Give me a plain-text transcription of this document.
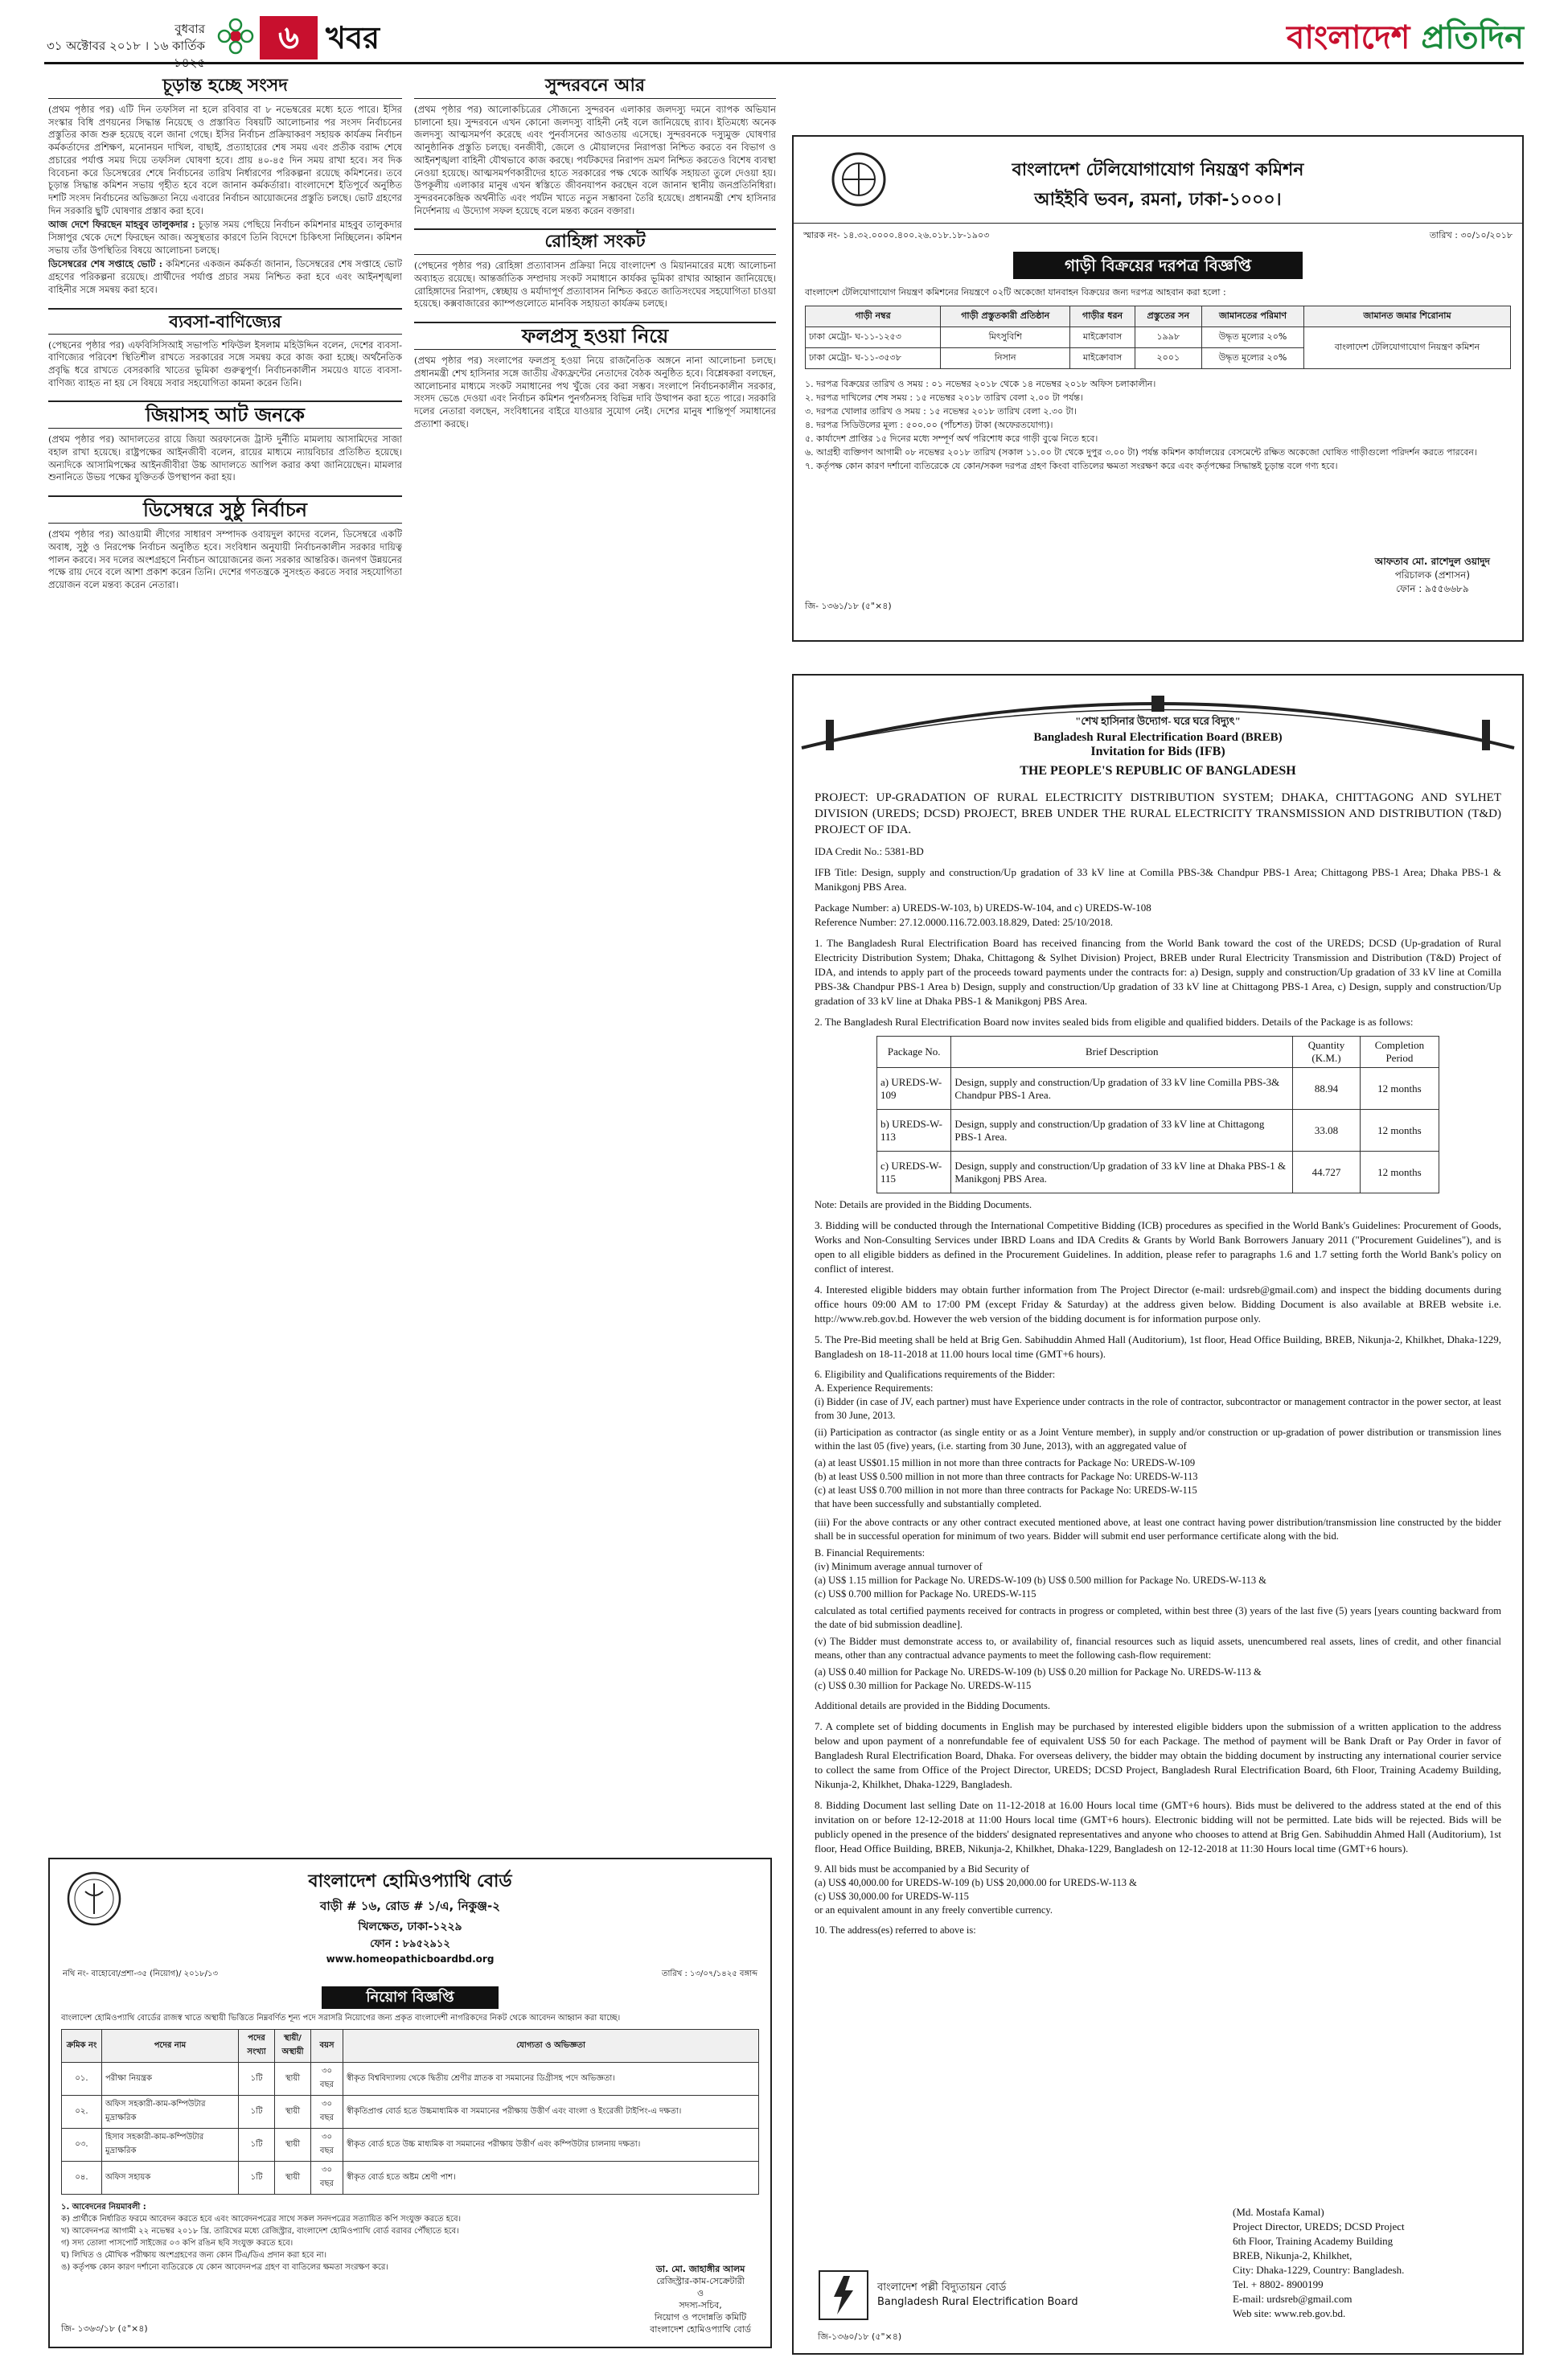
বুধবার
৩১ অক্টোবর ২০১৮ । ১৬ কার্তিক ১৪২৫
৬ খবর	বাংলাদেশ প্রতিদিন
চূড়ান্ত হচ্ছে সংসদ

(প্রথম পৃষ্ঠার পর) এটি দিন তফসিল না হলে রবিবার বা ৮ নভেম্বরের মধ্যে হতে পারে। ইসির সংস্কার বিধি প্রণয়নের সিদ্ধান্ত নিয়েছে ও প্রস্তাবিত বিষয়টি আলোচনার পর সংসদ নির্বাচনের প্রস্তুতির কাজ শুরু হয়েছে বলে জানা গেছে। ইসির নির্বাচন প্রক্রিয়াকরণ সহায়ক কার্যক্রম নির্বাচন কর্মকর্তাদের প্রশিক্ষণ, মনোনয়ন দাখিল, বাছাই, প্রত্যাহারের শেষ সময় এবং প্রতীক বরাদ্দ শেষে প্রচারের পর্যাপ্ত সময় দিয়ে তফসিল ঘোষণা হবে। প্রায় ৪০-৪৫ দিন সময় রাখা হবে। সব দিক বিবেচনা করে ডিসেম্বরের শেষে নির্বাচনের তারিখ নির্ধারণের পরিকল্পনা রয়েছে কমিশনের। তবে চূড়ান্ত সিদ্ধান্ত কমিশন সভায় গৃহীত হবে বলে জানান কর্মকর্তারা। বাংলাদেশে ইতিপূর্বে অনুষ্ঠিত দশটি সংসদ নির্বাচনের অভিজ্ঞতা নিয়ে এবারের নির্বাচন আয়োজনের প্রস্তুতি চলছে। ভোট গ্রহণের দিন সরকারি ছুটি ঘোষণার প্রস্তাব করা হবে।

আজ দেশে ফিরছেন মাহবুব তালুকদার : চূড়ান্ত সময় পেছিয়ে নির্বাচন কমিশনার মাহবুব তালুকদার সিঙ্গাপুর থেকে দেশে ফিরছেন আজ। অসুস্থতার কারণে তিনি বিদেশে চিকিৎসা নিচ্ছিলেন। কমিশন সভায় তাঁর উপস্থিতির বিষয়ে আলোচনা চলছে।

ডিসেম্বরের শেষ সপ্তাহে ভোট : কমিশনের একজন কর্মকর্তা জানান, ডিসেম্বরের শেষ সপ্তাহে ভোট গ্রহণের পরিকল্পনা রয়েছে। প্রার্থীদের পর্যাপ্ত প্রচার সময় নিশ্চিত করা হবে এবং আইনশৃঙ্খলা বাহিনীর সঙ্গে সমন্বয় করা হবে।

ব্যবসা-বাণিজ্যের
(পেছনের পৃষ্ঠার পর) এফবিসিসিআই সভাপতি শফিউল ইসলাম মহিউদ্দিন বলেন, দেশের ব্যবসা-বাণিজ্যের পরিবেশ স্থিতিশীল রাখতে সরকারের সঙ্গে সমন্বয় করে কাজ করা হচ্ছে। অর্থনৈতিক প্রবৃদ্ধি ধরে রাখতে বেসরকারি খাতের ভূমিকা গুরুত্বপূর্ণ। নির্বাচনকালীন সময়েও যাতে ব্যবসা-বাণিজ্য ব্যাহত না হয় সে বিষয়ে সবার সহযোগিতা কামনা করেন তিনি।
জিয়াসহ আট জনকে
(প্রথম পৃষ্ঠার পর) আদালতের রায়ে জিয়া অরফানেজ ট্রাস্ট দুর্নীতি মামলায় আসামিদের সাজা বহাল রাখা হয়েছে। রাষ্ট্রপক্ষের আইনজীবী বলেন, রায়ের মাধ্যমে ন্যায়বিচার প্রতিষ্ঠিত হয়েছে। অন্যদিকে আসামিপক্ষের আইনজীবীরা উচ্চ আদালতে আপিল করার কথা জানিয়েছেন। মামলার শুনানিতে উভয় পক্ষের যুক্তিতর্ক উপস্থাপন করা হয়।
ডিসেম্বরে সুষ্ঠু নির্বাচন
(প্রথম পৃষ্ঠার পর) আওয়ামী লীগের সাধারণ সম্পাদক ওবায়দুল কাদের বলেন, ডিসেম্বরে একটি অবাধ, সুষ্ঠু ও নিরপেক্ষ নির্বাচন অনুষ্ঠিত হবে। সংবিধান অনুযায়ী নির্বাচনকালীন সরকার দায়িত্ব পালন করবে। সব দলের অংশগ্রহণে নির্বাচন আয়োজনের জন্য সরকার আন্তরিক। জনগণ উন্নয়নের পক্ষে রায় দেবে বলে আশা প্রকাশ করেন তিনি। দেশের গণতন্ত্রকে সুসংহত করতে সবার সহযোগিতা প্রয়োজন বলে মন্তব্য করেন নেতারা।
সুন্দরবনে আর
(প্রথম পৃষ্ঠার পর) আলোকচিত্রের সৌজন্যে সুন্দরবন এলাকার জলদস্যু দমনে ব্যাপক অভিযান চালানো হয়। সুন্দরবনে এখন কোনো জলদস্যু বাহিনী নেই বলে জানিয়েছে র‍্যাব। ইতিমধ্যে অনেক জলদস্যু আত্মসমর্পণ করেছে এবং পুনর্বাসনের আওতায় এসেছে। সুন্দরবনকে দস্যুমুক্ত ঘোষণার আনুষ্ঠানিক প্রস্তুতি চলছে। বনজীবী, জেলে ও মৌয়ালদের নিরাপত্তা নিশ্চিত করতে বন বিভাগ ও আইনশৃঙ্খলা বাহিনী যৌথভাবে কাজ করছে। পর্যটকদের নিরাপদ ভ্রমণ নিশ্চিত করতেও বিশেষ ব্যবস্থা নেওয়া হয়েছে। আত্মসমর্পণকারীদের হাতে সরকারের পক্ষ থেকে আর্থিক সহায়তা তুলে দেওয়া হয়। উপকূলীয় এলাকার মানুষ এখন স্বস্তিতে জীবনযাপন করছেন বলে জানান স্থানীয় জনপ্রতিনিধিরা। সুন্দরবনকেন্দ্রিক অর্থনীতি এবং পর্যটন খাতে নতুন সম্ভাবনা তৈরি হয়েছে। প্রধানমন্ত্রী শেখ হাসিনার নির্দেশনায় এ উদ্যোগ সফল হয়েছে বলে মন্তব্য করেন বক্তারা।
রোহিঙ্গা সংকট
(পেছনের পৃষ্ঠার পর) রোহিঙ্গা প্রত্যাবাসন প্রক্রিয়া নিয়ে বাংলাদেশ ও মিয়ানমারের মধ্যে আলোচনা অব্যাহত রয়েছে। আন্তর্জাতিক সম্প্রদায় সংকট সমাধানে কার্যকর ভূমিকা রাখার আহ্বান জানিয়েছে। রোহিঙ্গাদের নিরাপদ, স্বেচ্ছায় ও মর্যাদাপূর্ণ প্রত্যাবাসন নিশ্চিত করতে জাতিসংঘের সহযোগিতা চাওয়া হয়েছে। কক্সবাজারের ক্যাম্পগুলোতে মানবিক সহায়তা কার্যক্রম চলছে।
ফলপ্রসূ হওয়া নিয়ে
(প্রথম পৃষ্ঠার পর) সংলাপের ফলপ্রসূ হওয়া নিয়ে রাজনৈতিক অঙ্গনে নানা আলোচনা চলছে। প্রধানমন্ত্রী শেখ হাসিনার সঙ্গে জাতীয় ঐক্যফ্রন্টের নেতাদের বৈঠক অনুষ্ঠিত হবে। বিশ্লেষকরা বলছেন, আলোচনার মাধ্যমে সংকট সমাধানের পথ খুঁজে বের করা সম্ভব। সংলাপে নির্বাচনকালীন সরকার, সংসদ ভেঙে দেওয়া এবং নির্বাচন কমিশন পুনর্গঠনসহ বিভিন্ন দাবি উত্থাপন করা হতে পারে। সরকারি দলের নেতারা বলছেন, সংবিধানের বাইরে যাওয়ার সুযোগ নেই। দেশের মানুষ শান্তিপূর্ণ সমাধানের প্রত্যাশা করছে।
বাংলাদেশ টেলিযোগাযোগ নিয়ন্ত্রণ কমিশন
আইইবি ভবন, রমনা, ঢাকা-১০০০।
স্মারক নং- ১৪.৩২.০০০০.৪০০.২৬.০১৮.১৮-১৯০৩	তারিখ : ৩০/১০/২০১৮
গাড়ী বিক্রয়ের দরপত্র বিজ্ঞপ্তি
বাংলাদেশ টেলিযোগাযোগ নিয়ন্ত্রণ কমিশনের নিয়ন্ত্রণে ০২টি অকেজো যানবাহন বিক্রয়ের জন্য দরপত্র আহবান করা হলো :
গাড়ী নম্বর	গাড়ী প্রস্তুতকারী প্রতিষ্ঠান	গাড়ীর ধরন	প্রস্তুতের সন	জামানতের পরিমাণ	জামানত জমার শিরোনাম
ঢাকা মেট্রো- ঘ-১১-১২৫৩	মিৎসুবিশি	মাইক্রোবাস	১৯৯৮	উদ্ধৃত মূল্যের ২০%	বাংলাদেশ টেলিযোগাযোগ নিয়ন্ত্রণ কমিশন
ঢাকা মেট্রো- ঘ-১১-৩৫৩৮	নিসান	মাইক্রোবাস	২০০১	উদ্ধৃত মূল্যের ২০%	
১. দরপত্র বিক্রয়ের তারিখ ও সময় : ০১ নভেম্বর ২০১৮ থেকে ১৪ নভেম্বর ২০১৮ অফিস চলাকালীন।
২. দরপত্র দাখিলের শেষ সময় : ১৫ নভেম্বর ২০১৮ তারিখ বেলা ২.০০ টা পর্যন্ত।
৩. দরপত্র খোলার তারিখ ও সময় : ১৫ নভেম্বর ২০১৮ তারিখ বেলা ২.৩০ টা।
৪. দরপত্র সিডিউলের মূল্য : ৫০০.০০ (পাঁচশত) টাকা (অফেরতযোগ্য)।
৫. কার্যাদেশ প্রাপ্তির ১৫ দিনের মধ্যে সম্পূর্ণ অর্থ পরিশোধ করে গাড়ী বুঝে নিতে হবে।
৬. আগ্রহী ব্যক্তিগণ আগামী ০৮ নভেম্বর ২০১৮ তারিখ (সকাল ১১.০০ টা থেকে দুপুর ৩.০০ টা) পর্যন্ত কমিশন কার্যালয়ের বেসমেন্টে রক্ষিত অকেজো ঘোষিত গাড়ীগুলো পরিদর্শন করতে পারবেন।
৭. কর্তৃপক্ষ কোন কারণ দর্শানো ব্যতিরেকে যে কোন/সকল দরপত্র গ্রহণ কিংবা বাতিলের ক্ষমতা সংরক্ষণ করে এবং কর্তৃপক্ষের সিদ্ধান্তই চূড়ান্ত বলে গণ্য হবে।
আফতাব মো. রাশেদুল ওয়াদুদ
পরিচালক (প্রশাসন)
ফোন : ৯৫৫৬৬৮৯
জি- ১৩৬১/১৮ (৫"×৪)
"শেখ হাসিনার উদ্যোগ- ঘরে ঘরে বিদ্যুৎ"
Bangladesh Rural Electrification Board (BREB)
Invitation for Bids (IFB)
THE PEOPLE'S REPUBLIC OF BANGLADESH
PROJECT: UP-GRADATION OF RURAL ELECTRICITY DISTRIBUTION SYSTEM; DHAKA, CHITTAGONG AND SYLHET DIVISION (UREDS; DCSD) PROJECT, BREB UNDER THE RURAL ELECTRICITY TRANSMISSION AND DISTRIBUTION (T&D) PROJECT OF IDA.
IDA Credit No.: 5381-BD
IFB Title: Design, supply and construction/Up gradation of 33 kV line at Comilla PBS-3& Chandpur PBS-1 Area; Chittagong PBS-1 Area; Dhaka PBS-1 & Manikgonj PBS Area.
Package Number: a) UREDS-W-103, b) UREDS-W-104, and c) UREDS-W-108
Reference Number: 27.12.0000.116.72.003.18.829, Dated: 25/10/2018.
1. The Bangladesh Rural Electrification Board has received financing from the World Bank toward the cost of the UREDS; DCSD (Up-gradation of Rural Electricity Distribution System; Dhaka, Chittagong & Sylhet Division) Project, BREB under Rural Electricity Transmission and Distribution (T&D) Project of IDA, and intends to apply part of the proceeds toward payments under the contracts for: a) Design, supply and construction/Up gradation of 33 kV line at Comilla PBS-3& Chandpur PBS-1 Area b) Design, supply and construction/Up gradation of 33 kV line at Chittagong PBS-1 Area, c) Design, supply and construction/Up gradation of 33 kV line at Dhaka PBS-1 & Manikgonj PBS Area.
2. The Bangladesh Rural Electrification Board now invites sealed bids from eligible and qualified bidders. Details of the Package is as follows:
Package No.	Brief Description	Quantity (K.M.)	Completion Period
a) UREDS-W-109	Design, supply and construction/Up gradation of 33 kV line Comilla PBS-3& Chandpur PBS-1 Area.	88.94	12 months
b) UREDS-W-113	Design, supply and construction/Up gradation of 33 kV line at Chittagong PBS-1 Area.	33.08	12 months
c) UREDS-W-115	Design, supply and construction/Up gradation of 33 kV line at Dhaka PBS-1 & Manikgonj PBS Area.	44.727	12 months
Note: Details are provided in the Bidding Documents.
3. Bidding will be conducted through the International Competitive Bidding (ICB) procedures as specified in the World Bank's Guidelines: Procurement of Goods, Works and Non-Consulting Services under IBRD Loans and IDA Credits & Grants by World Bank Borrowers January 2011 ("Procurement Guidelines"), and is open to all eligible bidders as defined in the Procurement Guidelines. In addition, please refer to paragraphs 1.6 and 1.7 setting forth the World Bank's policy on conflict of interest.
4. Interested eligible bidders may obtain further information from The Project Director (e-mail: urdsreb@gmail.com) and inspect the bidding documents during office hours 09:00 AM to 17:00 PM (except Friday & Saturday) at the address given below. Bidding Document is also available at BREB website i.e. http://www.reb.gov.bd. However the web version of the bidding document is for information purpose only.
5. The Pre-Bid meeting shall be held at Brig Gen. Sabihuddin Ahmed Hall (Auditorium), 1st floor, Head Office Building, BREB, Nikunja-2, Khilkhet, Dhaka-1229, Bangladesh on 18-11-2018 at 11.00 hours local time (GMT+6 hours).
6. Eligibility and Qualifications requirements of the Bidder:
A. Experience Requirements:
(i) Bidder (in case of JV, each partner) must have Experience under contracts in the role of contractor, subcontractor or management contractor in the power sector, at least from 30 June, 2013.
(ii) Participation as contractor (as single entity or as a Joint Venture member), in supply and/or construction or up-gradation of power distribution or transmission lines within the last 05 (five) years, (i.e. starting from 30 June, 2013), with an aggregated value of
(a) at least US$01.15 million in not more than three contracts for Package No: UREDS-W-109
(b) at least US$ 0.500 million in not more than three contracts for Package No: UREDS-W-113
(c) at least US$ 0.700 million in not more than three contracts for Package No: UREDS-W-115
that have been successfully and substantially completed.
(iii) For the above contracts or any other contract executed mentioned above, at least one contract having power distribution/transmission line constructed by the bidder shall be in successful operation for minimum of two years. Bidder will submit end user performance certificate along with the bid.
B. Financial Requirements:
(iv) Minimum average annual turnover of
(a) US$ 1.15 million for Package No. UREDS-W-109 (b) US$ 0.500 million for Package No. UREDS-W-113 &
(c) US$ 0.700 million for Package No. UREDS-W-115
calculated as total certified payments received for contracts in progress or completed, within best three (3) years of the last five (5) years [years counting backward from the date of bid submission deadline].
(v) The Bidder must demonstrate access to, or availability of, financial resources such as liquid assets, unencumbered real assets, lines of credit, and other financial means, other than any contractual advance payments to meet the following cash-flow requirement:
(a) US$ 0.40 million for Package No. UREDS-W-109 (b) US$ 0.20 million for Package No. UREDS-W-113 &
(c) US$ 0.30 million for Package No. UREDS-W-115
Additional details are provided in the Bidding Documents.
7. A complete set of bidding documents in English may be purchased by interested eligible bidders upon the submission of a written application to the address below and upon payment of a nonrefundable fee of equivalent US$ 50 for each Package. The method of payment will be Bank Draft or Pay Order in favor of Bangladesh Rural Electrification Board, Dhaka. For overseas delivery, the bidder may obtain the bidding document by instructing any international courier service to collect the same from Office of the Project Director, UREDS; DCSD Project, Bangladesh Rural Electrification Board, 6th Floor, Training Academy Building, Nikunja-2, Khilkhet, Dhaka-1229, Bangladesh.
8. Bidding Document last selling Date on 11-12-2018 at 16.00 Hours local time (GMT+6 hours). Bids must be delivered to the address stated at the end of this invitation on or before 12-12-2018 at 11:00 Hours local time (GMT+6 hours). Electronic bidding will not be permitted. Late bids will be rejected. Bids will be publicly opened in the presence of the bidders' designated representatives and anyone who chooses to attend at Brig Gen. Sabihuddin Ahmed Hall (Auditorium), 1st floor, Head Office Building, BREB, Nikunja-2, Khilkhet, Dhaka-1229, Bangladesh on 12-12-2018 at 11:30 Hours local time (GMT+6 hours).
9. All bids must be accompanied by a Bid Security of
(a) US$ 40,000.00 for UREDS-W-109 (b) US$ 20,000.00 for UREDS-W-113 &
(c) US$ 30,000.00 for UREDS-W-115
or an equivalent amount in any freely convertible currency.
10. The address(es) referred to above is:
(Md. Mostafa Kamal)
Project Director, UREDS; DCSD Project
6th Floor, Training Academy Building
BREB, Nikunja-2, Khilkhet,
City: Dhaka-1229, Country: Bangladesh.
Tel. + 8802- 8900199
E-mail: urdsreb@gmail.com
Web site: www.reb.gov.bd.
বাংলাদেশ পল্লী বিদ্যুতায়ন বোর্ড
Bangladesh Rural Electrification Board
জি-১৩৬০/১৮ (৫"×৪)
বাংলাদেশ হোমিওপ্যাথি বোর্ড
বাড়ী # ১৬, রোড # ১/এ, নিকুঞ্জ-২
খিলক্ষেত, ঢাকা-১২২৯
ফোন : ৮৯৫২৯১২
www.homeopathicboardbd.org
নথি নং- বাহোবো/প্রশা-৩৫ (নিয়োগ)/ ২০১৮/১৩	তারিখ : ১৩/০৭/১৪২৫ বঙ্গাব্দ
নিয়োগ বিজ্ঞপ্তি
বাংলাদেশ হোমিওপ্যাথি বোর্ডের রাজস্ব খাতে অস্থায়ী ভিত্তিতে নিম্নবর্ণিত শূন্য পদে সরাসরি নিয়োগের জন্য প্রকৃত বাংলাদেশী নাগরিকদের নিকট থেকে আবেদন আহ্বান করা যাচ্ছে।
ক্রমিক নং	পদের নাম	পদের সংখ্যা	স্থায়ী/অস্থায়ী	বয়স	যোগ্যতা ও অভিজ্ঞতা
০১.	পরীক্ষা নিয়ন্ত্রক	১টি	স্থায়ী	৩০ বছর	স্বীকৃত বিশ্ববিদ্যালয় থেকে দ্বিতীয় শ্রেণীর স্নাতক বা সমমানের ডিগ্রীসহ পদে অভিজ্ঞতা।
০২.	অফিস সহকারী-কাম-কম্পিউটার মুদ্রাক্ষরিক	১টি	স্থায়ী	৩০ বছর	স্বীকৃতিপ্রাপ্ত বোর্ড হতে উচ্চমাধ্যমিক বা সমমানের পরীক্ষায় উত্তীর্ণ এবং বাংলা ও ইংরেজী টাইপিং-এ দক্ষতা।
০৩.	হিসাব সহকারী-কাম-কম্পিউটার মুদ্রাক্ষরিক	১টি	স্থায়ী	৩০ বছর	স্বীকৃত বোর্ড হতে উচ্চ মাধ্যমিক বা সমমানের পরীক্ষায় উত্তীর্ণ এবং কম্পিউটার চালনায় দক্ষতা।
০৪.	অফিস সহায়ক	১টি	স্থায়ী	৩০ বছর	স্বীকৃত বোর্ড হতে অষ্টম শ্রেণী পাশ।
১. আবেদনের নিয়মাবলী :
ক) প্রার্থীকে নির্ধারিত ফরমে আবেদন করতে হবে এবং আবেদনপত্রের সাথে সকল সনদপত্রের সত্যায়িত কপি সংযুক্ত করতে হবে।
খ) আবেদনপত্র আগামী ২২ নভেম্বর ২০১৮ খ্রি. তারিখের মধ্যে রেজিস্ট্রার, বাংলাদেশ হোমিওপ্যাথি বোর্ড বরাবর পৌঁছাতে হবে।
গ) সদ্য তোলা পাসপোর্ট সাইজের ০৩ কপি রঙিন ছবি সংযুক্ত করতে হবে।
ঘ) লিখিত ও মৌখিক পরীক্ষায় অংশগ্রহণের জন্য কোন টিএ/ডিএ প্রদান করা হবে না।
ঙ) কর্তৃপক্ষ কোন কারণ দর্শানো ব্যতিরেকে যে কোন আবেদনপত্র গ্রহণ বা বাতিলের ক্ষমতা সংরক্ষণ করে।	ডা. মো. জাহাঙ্গীর আলম
রেজিস্ট্রার-কাম-সেক্রেটারী
ও
সদস্য-সচিব,
নিয়োগ ও পদোন্নতি কমিটি
বাংলাদেশ হোমিওপ্যাথি বোর্ড
জি- ১৩৬৩/১৮ (৫"×৪)
